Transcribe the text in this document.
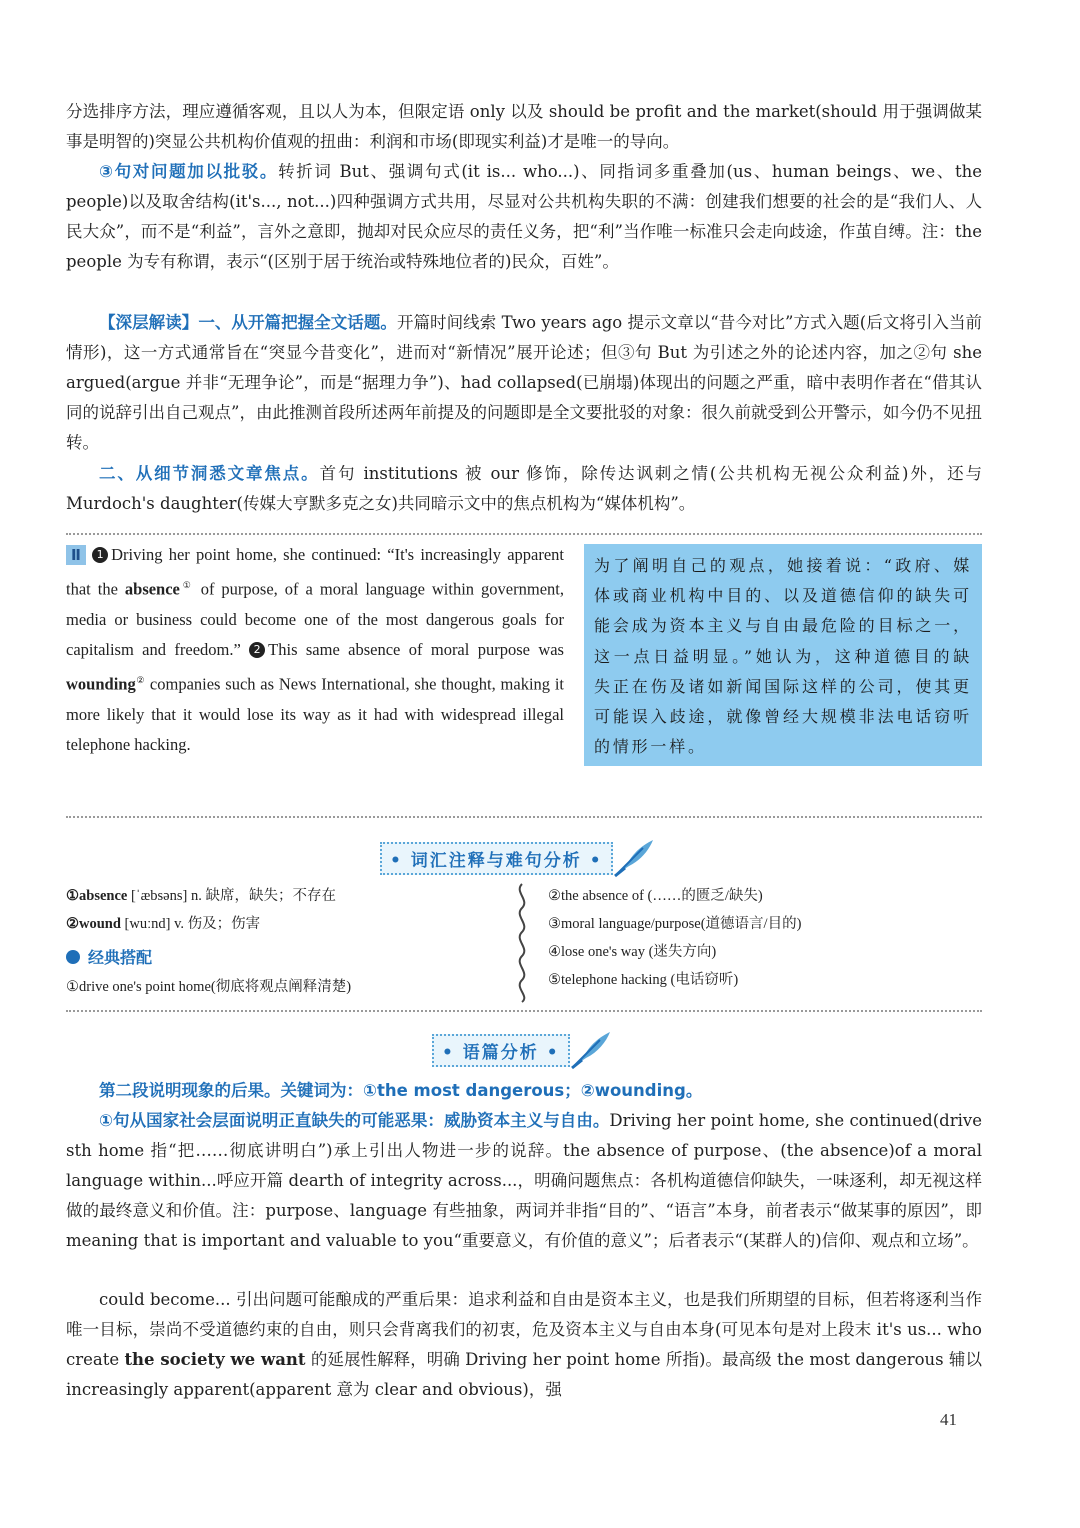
分选排序方法，理应遵循客观，且以人为本，但限定语 only 以及 should be profit and the market(should 用于强调做某事是明智的)突显公共机构价值观的扭曲：利润和市场(即现实利益)才是唯一的导向。
③句对问题加以批驳。转折词 But、强调句式(it is... who...)、同指词多重叠加(us、human beings、we、the people)以及取舍结构(it's..., not...)四种强调方式共用，尽显对公共机构失职的不满：创建我们想要的社会的是“我们人、人民大众”，而不是“利益”，言外之意即，抛却对民众应尽的责任义务，把“利”当作唯一标准只会走向歧途，作茧自缚。注：the people 为专有称谓，表示“(区别于居于统治或特殊地位者的)民众，百姓”。
【深层解读】一、从开篇把握全文话题。开篇时间线索 Two years ago 提示文章以“昔今对比”方式入题(后文将引入当前情形)，这一方式通常旨在“突显今昔变化”，进而对“新情况”展开论述；但③句 But 为引述之外的论述内容，加之②句 she argued(argue 并非“无理争论”，而是“据理力争”)、had collapsed(已崩塌)体现出的问题之严重，暗中表明作者在“借其认同的说辞引出自己观点”，由此推测首段所述两年前提及的问题即是全文要批驳的对象：很久前就受到公开警示，如今仍不见扭转。
二、从细节洞悉文章焦点。首句 institutions 被 our 修饰，除传达讽刺之情(公共机构无视公众利益)外，还与 Murdoch's daughter(传媒大亨默多克之女)共同暗示文中的焦点机构为“媒体机构”。
Ⅱ 1 Driving her point home, she continued: “It's increasingly apparent that the absence① of purpose, of a moral language within government, media or business could become one of the most dangerous goals for capitalism and freedom.” 2 This same absence of moral purpose was wounding② companies such as News International, she thought, making it more likely that it would lose its way as it had with widespread illegal telephone hacking.
为了阐明自己的观点，她接着说：“政府、媒体或商业机构中目的、以及道德信仰的缺失可能会成为资本主义与自由最危险的目标之一，这一点日益明显。”她认为，这种道德目的缺失正在伤及诸如新闻国际这样的公司，使其更可能误入歧途，就像曾经大规模非法电话窃听的情形一样。
• 词汇注释与难句分析 •
①absence [ˈæbsəns] n. 缺席，缺失；不存在
②wound [wuːnd] v. 伤及；伤害
经典搭配
①drive one's point home(彻底将观点阐释清楚)
②the absence of (……的匮乏/缺失)
③moral language/purpose(道德语言/目的)
④lose one's way (迷失方向)
⑤telephone hacking (电话窃听)
• 语篇分析 •
第二段说明现象的后果。关键词为：①the most dangerous；②wounding。
①句从国家社会层面说明正直缺失的可能恶果：威胁资本主义与自由。Driving her point home, she continued(drive sth home 指“把……彻底讲明白”)承上引出人物进一步的说辞。the absence of purpose、(the absence)of a moral language within...呼应开篇 dearth of integrity across...，明确问题焦点：各机构道德信仰缺失，一味逐利，却无视这样做的最终意义和价值。注：purpose、language 有些抽象，两词并非指“目的”、“语言”本身，前者表示“做某事的原因”，即 meaning that is important and valuable to you“重要意义，有价值的意义”；后者表示“(某群人的)信仰、观点和立场”。
could become... 引出问题可能酿成的严重后果：追求利益和自由是资本主义，也是我们所期望的目标，但若将逐利当作唯一目标，崇尚不受道德约束的自由，则只会背离我们的初衷，危及资本主义与自由本身(可见本句是对上段末 it's us... who create the society we want 的延展性解释，明确 Driving her point home 所指)。最高级 the most dangerous 辅以 increasingly apparent(apparent 意为 clear and obvious)，强
41
